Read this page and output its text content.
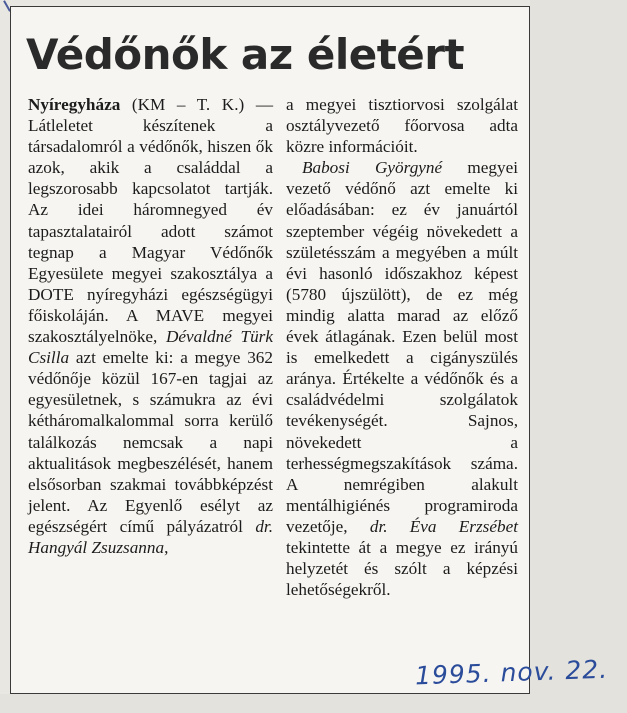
Védőnők az életért

Nyíregyháza (KM – T. K.) — Látleletet készítenek a társadalomról a védőnők, hiszen ők azok, akik a családdal a legszorosabb kapcsolatot tartják. Az idei háromnegyed év tapasztalatairól adott számot tegnap a Magyar Védőnők Egyesülete megyei szakosztálya a DOTE nyíregyházi egészségügyi főiskoláján. A MAVE megyei szakosztályelnöke, Dévaldné Türk Csilla azt emelte ki: a megye 362 védőnője közül 167-en tagjai az egyesületnek, s számukra az évi kétháromalkalommal sorra kerülő találkozás nemcsak a napi aktualitások megbeszélését, hanem elsősorban szakmai továbbképzést jelent. Az Egyenlő esélyt az egészségért című pályázatról dr. Hangyál Zsuzsanna,

a megyei tisztiorvosi szolgálat osztályvezető főorvosa adta közre információit.

Babosi Györgyné megyei vezető védőnő azt emelte ki előadásában: ez év januártól szeptember végéig növekedett a születésszám a megyében a múlt évi hasonló időszakhoz képest (5780 újszülött), de ez még mindig alatta marad az előző évek átlagának. Ezen belül most is emelkedett a cigányszülés aránya. Értékelte a védőnők és a családvédelmi szolgálatok tevékenységét. Sajnos, növekedett a terhességmegszakítások száma. A nemrégiben alakult mentálhigiénés programiroda vezetője, dr. Éva Erzsébet tekintette át a megye ez irányú helyzetét és szólt a képzési lehetőségekről.

1995. nov. 22.
